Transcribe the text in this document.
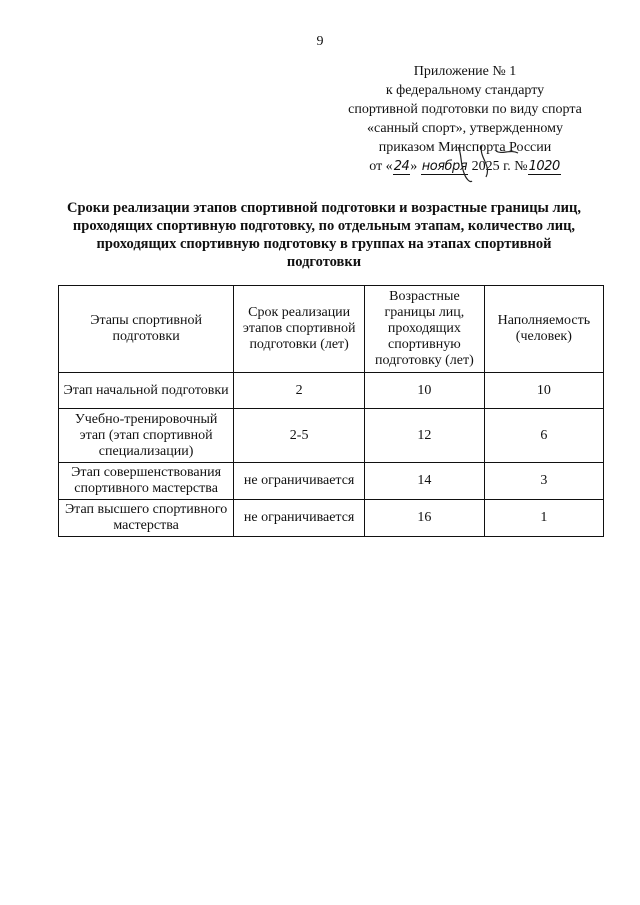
9
Приложение № 1
к федеральному стандарту
спортивной подготовки по виду спорта
«санный спорт», утвержденному
приказом Минспорта России
от «24» ноября 2025 г. №1020
Сроки реализации этапов спортивной подготовки и возрастные границы лиц, проходящих спортивную подготовку, по отдельным этапам, количество лиц, проходящих спортивную подготовку в группах на этапах спортивной подготовки
Этапы спортивной подготовки	Срок реализации этапов спортивной подготовки (лет)	Возрастные границы лиц, проходящих спортивную подготовку (лет)	Наполняемость (человек)
Этап начальной подготовки	2	10	10
Учебно-тренировочный этап (этап спортивной специализации)	2-5	12	6
Этап совершенствования спортивного мастерства	не ограничивается	14	3
Этап высшего спортивного мастерства	не ограничивается	16	1
